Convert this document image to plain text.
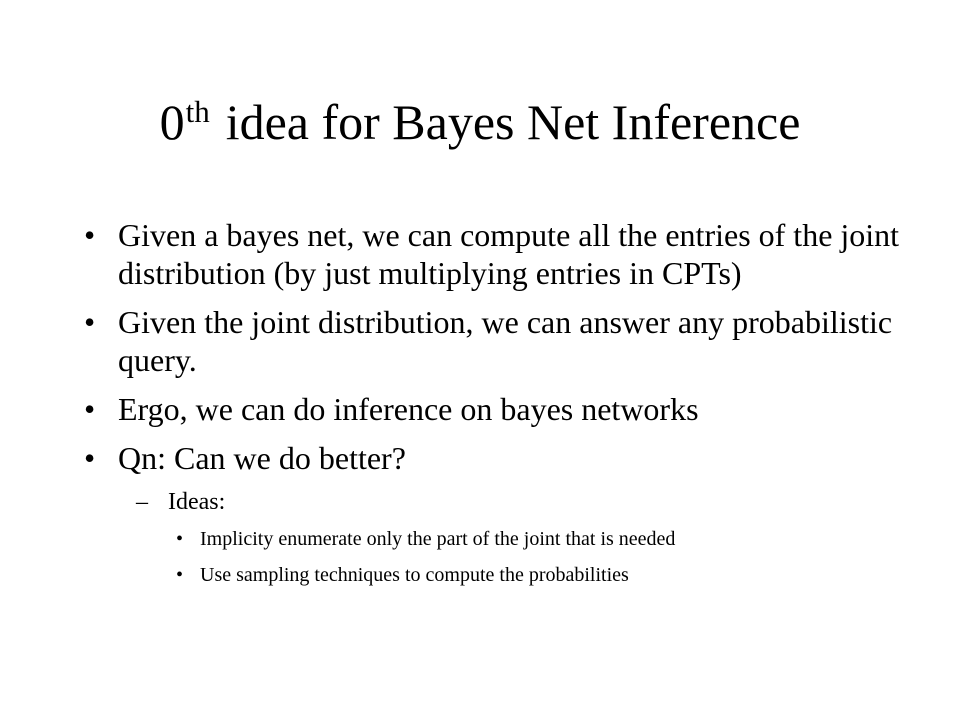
0th idea for Bayes Net Inference
• Given a bayes net, we can compute all the entries of the joint distribution (by just multiplying entries in CPTs)
• Given the joint distribution, we can answer any probabilistic query.
• Ergo, we can do inference on bayes networks
• Qn: Can we do better?
– Ideas:
• Implicity enumerate only the part of the joint that is needed
• Use sampling techniques to compute the probabilities
